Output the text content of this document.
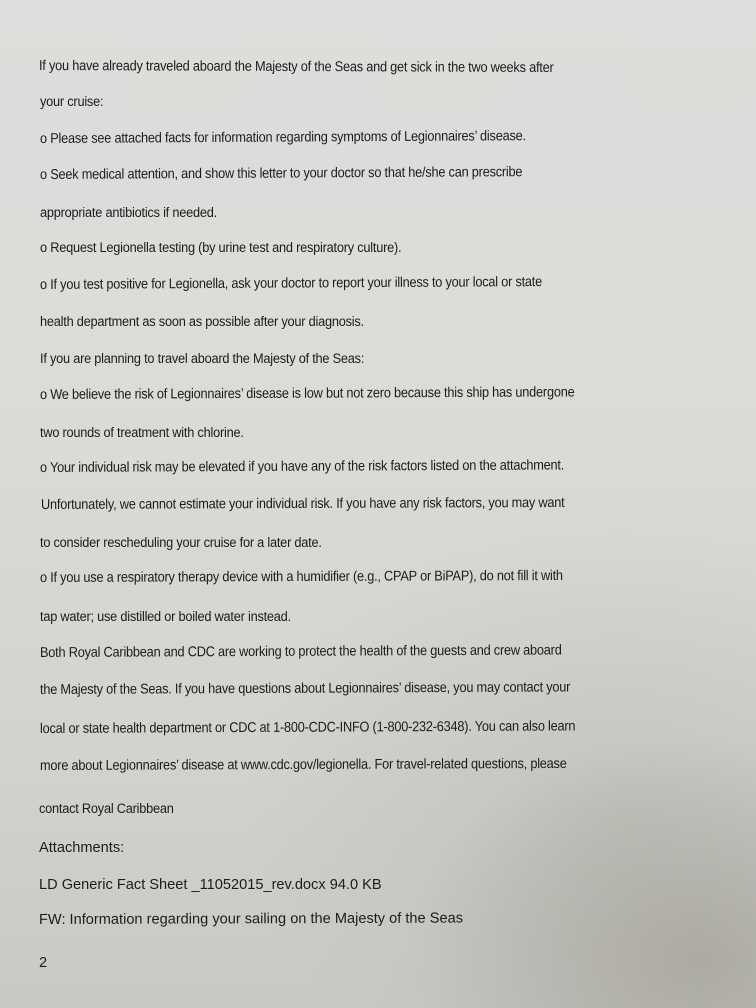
If you have already traveled aboard the Majesty of the Seas and get sick in the two weeks after
your cruise:
o Please see attached facts for information regarding symptoms of Legionnaires’ disease.
o Seek medical attention, and show this letter to your doctor so that he/she can prescribe
appropriate antibiotics if needed.
o Request Legionella testing (by urine test and respiratory culture).
o If you test positive for Legionella, ask your doctor to report your illness to your local or state
health department as soon as possible after your diagnosis.
If you are planning to travel aboard the Majesty of the Seas:
o We believe the risk of Legionnaires’ disease is low but not zero because this ship has undergone
two rounds of treatment with chlorine.
o Your individual risk may be elevated if you have any of the risk factors listed on the attachment.
Unfortunately, we cannot estimate your individual risk. If you have any risk factors, you may want
to consider rescheduling your cruise for a later date.
o If you use a respiratory therapy device with a humidifier (e.g., CPAP or BiPAP), do not fill it with
tap water; use distilled or boiled water instead.
Both Royal Caribbean and CDC are working to protect the health of the guests and crew aboard
the Majesty of the Seas. If you have questions about Legionnaires’ disease, you may contact your
local or state health department or CDC at 1-800-CDC-INFO (1-800-232-6348). You can also learn
more about Legionnaires’ disease at www.cdc.gov/legionella. For travel-related questions, please
contact Royal Caribbean
Attachments:
LD Generic Fact Sheet _11052015_rev.docx 94.0 KB
FW: Information regarding your sailing on the Majesty of the Seas
2
